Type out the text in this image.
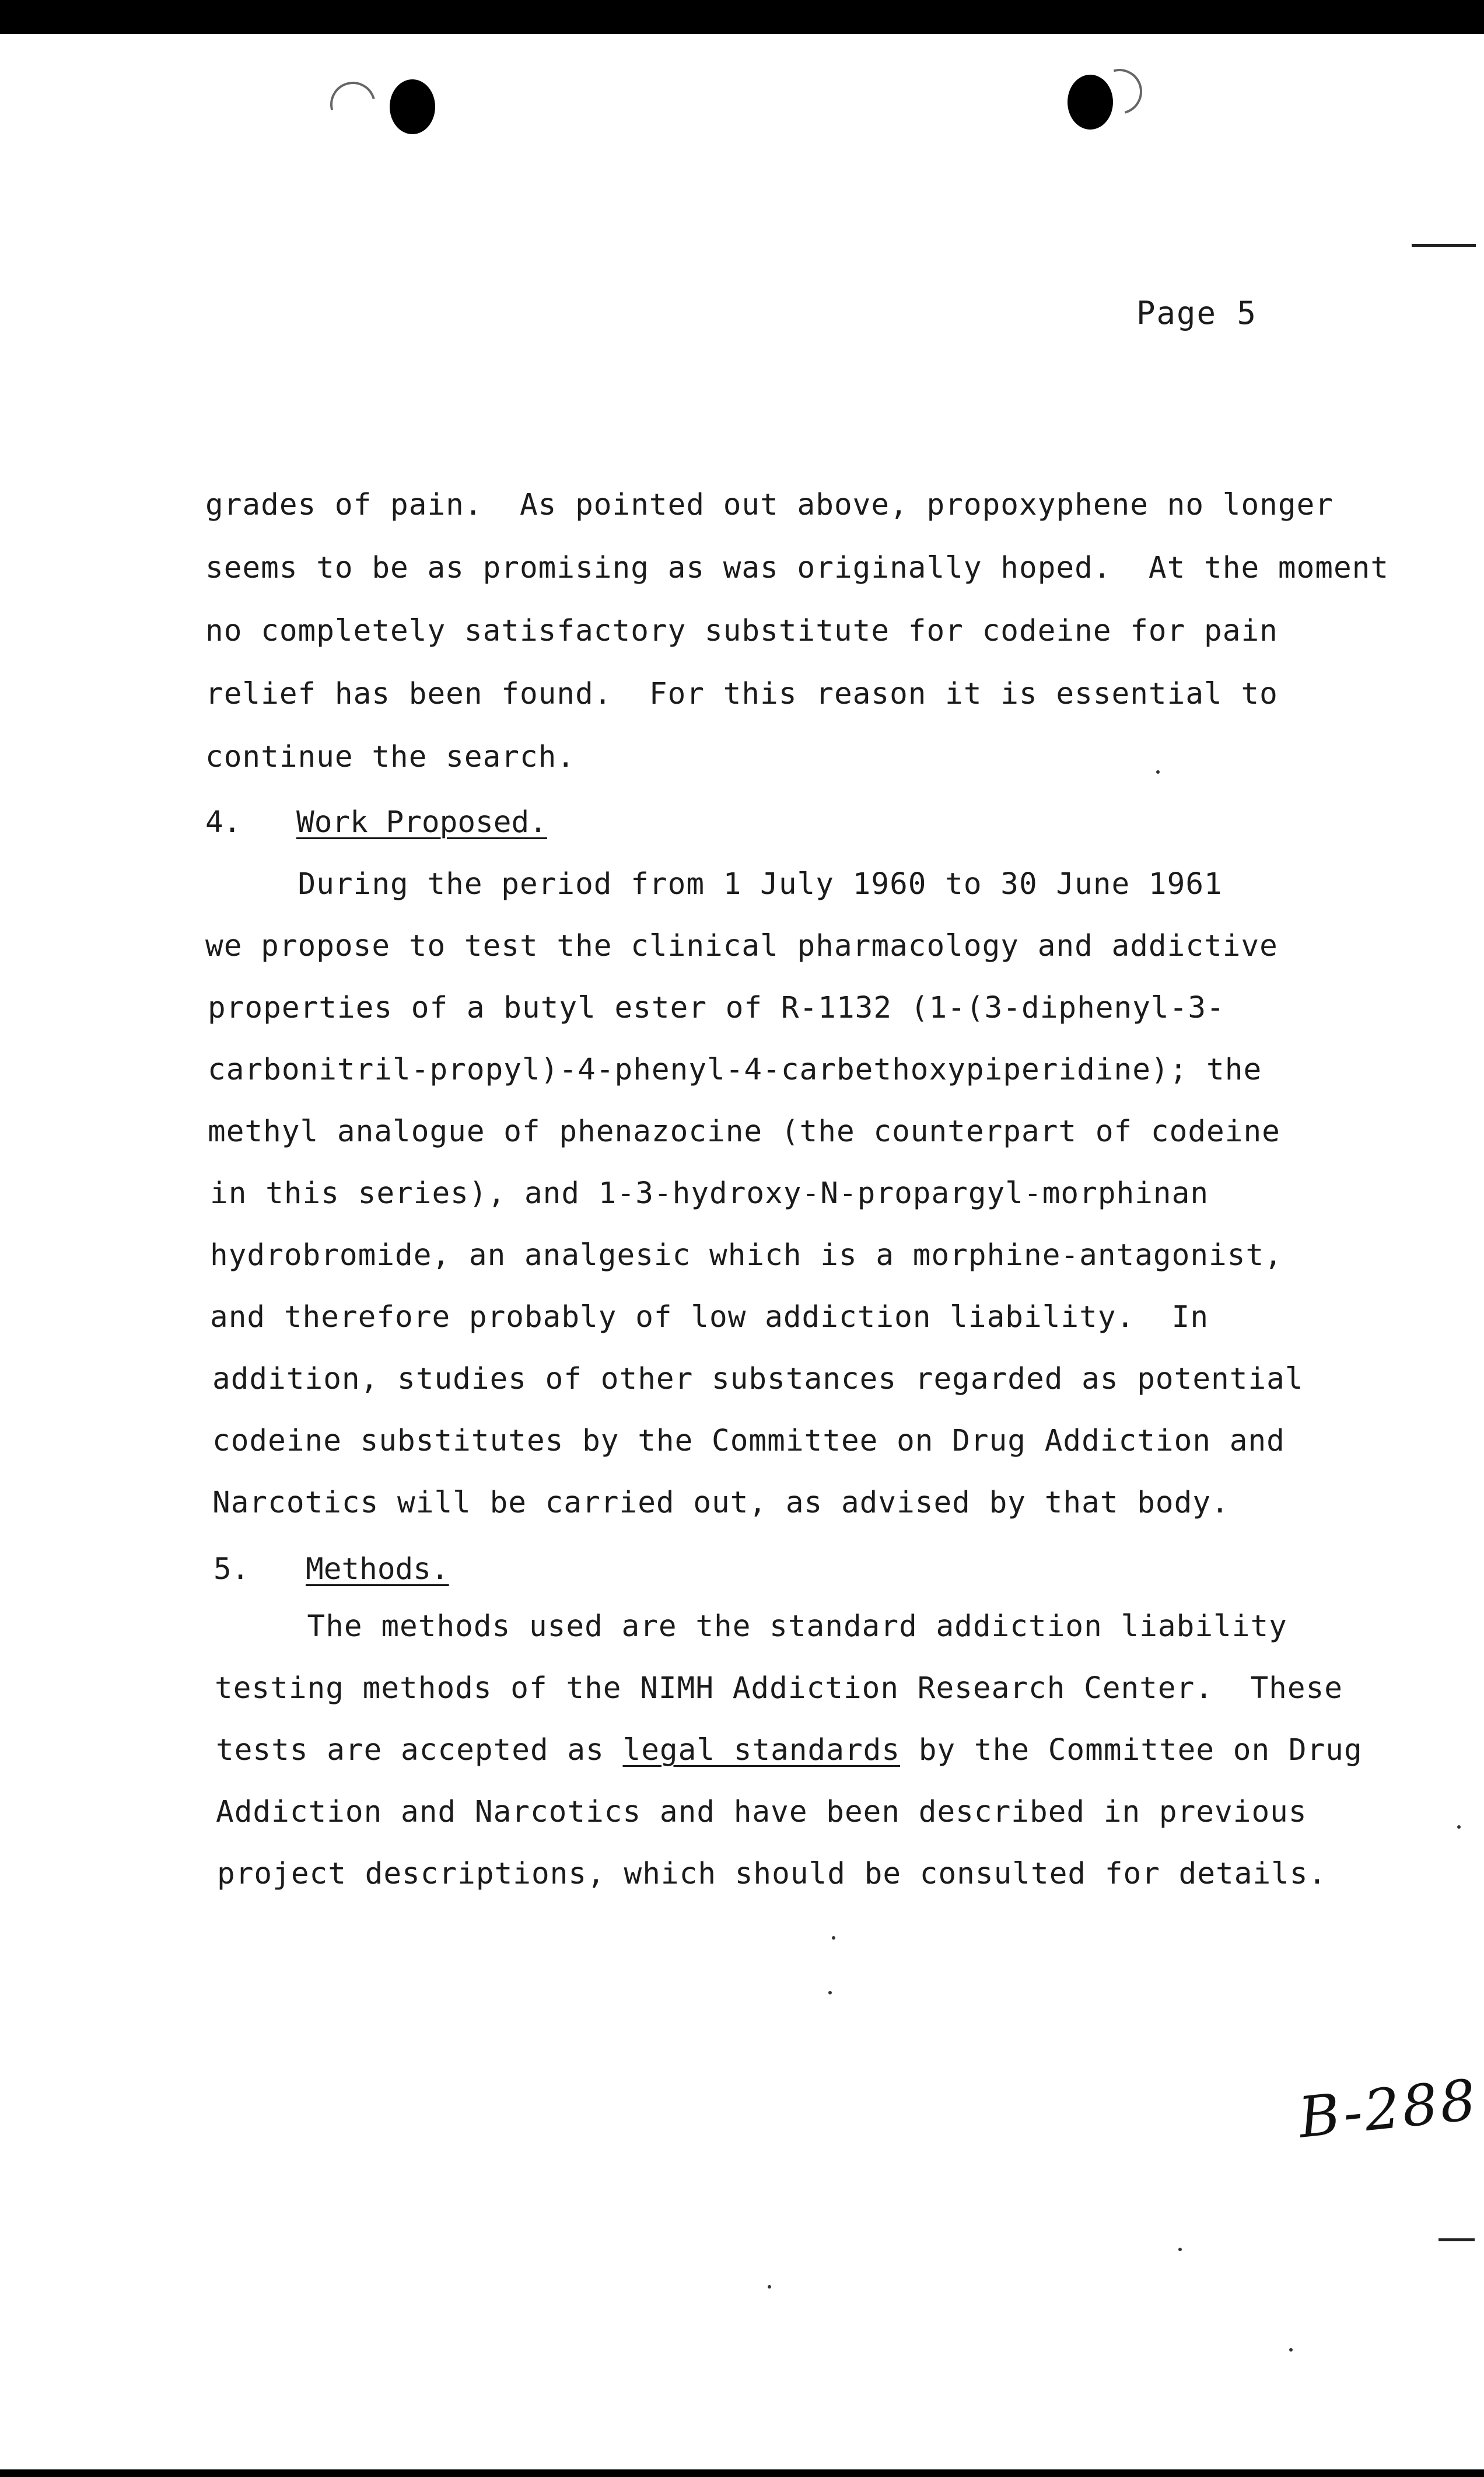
Page 5
grades of pain.  As pointed out above, propoxyphene no longer
seems to be as promising as was originally hoped.  At the moment
no completely satisfactory substitute for codeine for pain
relief has been found.  For this reason it is essential to
continue the search.
4. Work Proposed.
During the period from 1 July 1960 to 30 June 1961
we propose to test the clinical pharmacology and addictive
properties of a butyl ester of R-1132 (1-(3-diphenyl-3-
carbonitril-propyl)-4-phenyl-4-carbethoxypiperidine); the
methyl analogue of phenazocine (the counterpart of codeine
in this series), and 1-3-hydroxy-N-propargyl-morphinan
hydrobromide, an analgesic which is a morphine-antagonist,
and therefore probably of low addiction liability.  In
addition, studies of other substances regarded as potential
codeine substitutes by the Committee on Drug Addiction and
Narcotics will be carried out, as advised by that body.
5. Methods.
The methods used are the standard addiction liability
testing methods of the NIMH Addiction Research Center.  These
tests are accepted as legal standards by the Committee on Drug
Addiction and Narcotics and have been described in previous
project descriptions, which should be consulted for details.
B-288
